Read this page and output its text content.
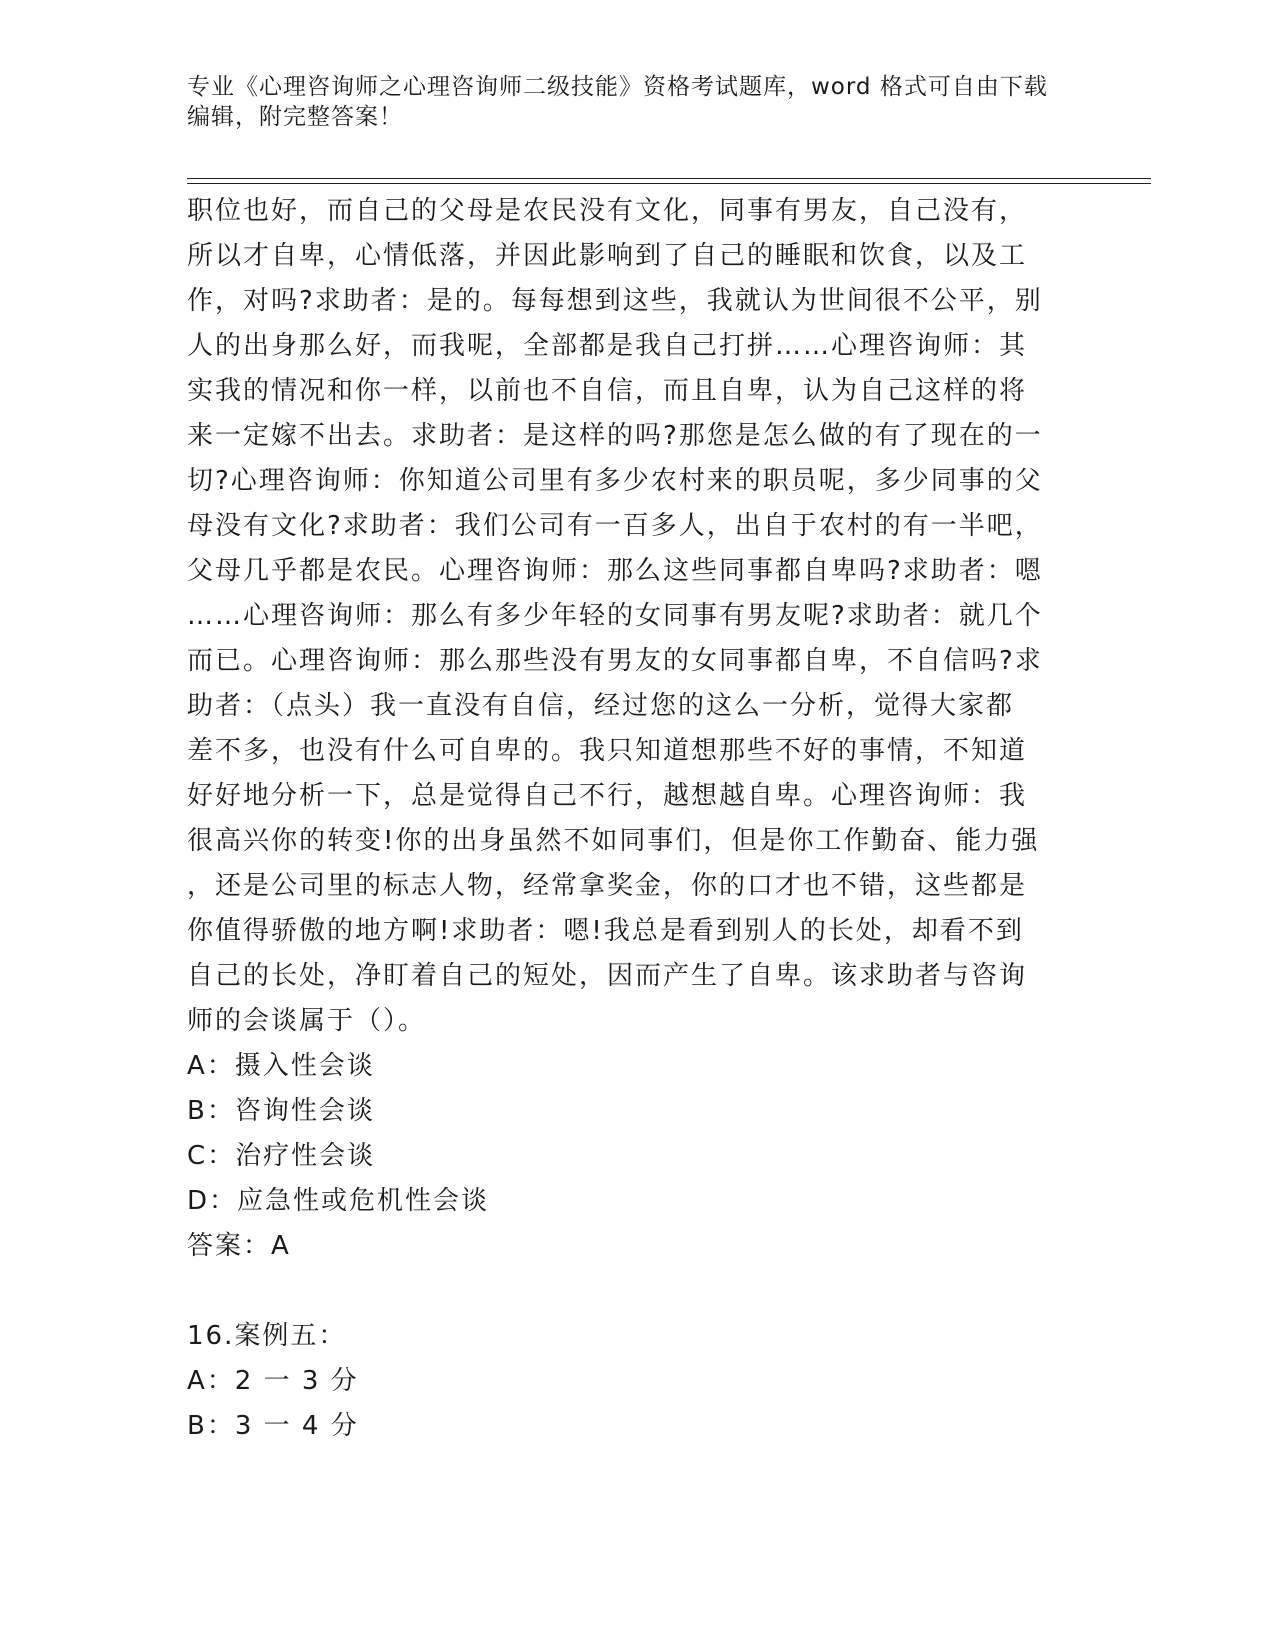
专业《心理咨询师之心理咨询师二级技能》资格考试题库，word 格式可自由下载
编辑，附完整答案！
职位也好，而自己的父母是农民没有文化，同事有男友，自己没有，
所以才自卑，心情低落，并因此影响到了自己的睡眠和饮食，以及工
作，对吗?求助者：是的。每每想到这些，我就认为世间很不公平，别
人的出身那么好，而我呢，全部都是我自己打拼……心理咨询师：其
实我的情况和你一样，以前也不自信，而且自卑，认为自己这样的将
来一定嫁不出去。求助者：是这样的吗?那您是怎么做的有了现在的一
切?心理咨询师：你知道公司里有多少农村来的职员呢，多少同事的父
母没有文化?求助者：我们公司有一百多人，出自于农村的有一半吧，
父母几乎都是农民。心理咨询师：那么这些同事都自卑吗?求助者：嗯
……心理咨询师：那么有多少年轻的女同事有男友呢?求助者：就几个
而已。心理咨询师：那么那些没有男友的女同事都自卑，不自信吗?求
助者：（点头）我一直没有自信，经过您的这么一分析，觉得大家都
差不多，也没有什么可自卑的。我只知道想那些不好的事情，不知道
好好地分析一下，总是觉得自己不行，越想越自卑。心理咨询师：我
很高兴你的转变!你的出身虽然不如同事们，但是你工作勤奋、能力强
，还是公司里的标志人物，经常拿奖金，你的口才也不错，这些都是
你值得骄傲的地方啊!求助者：嗯!我总是看到别人的长处，却看不到
自己的长处，净盯着自己的短处，因而产生了自卑。该求助者与咨询
师的会谈属于（）。
A：摄入性会谈
B：咨询性会谈
C：治疗性会谈
D：应急性或危机性会谈
答案：A
16.案例五：
A：2 一 3 分
B：3 一 4 分
